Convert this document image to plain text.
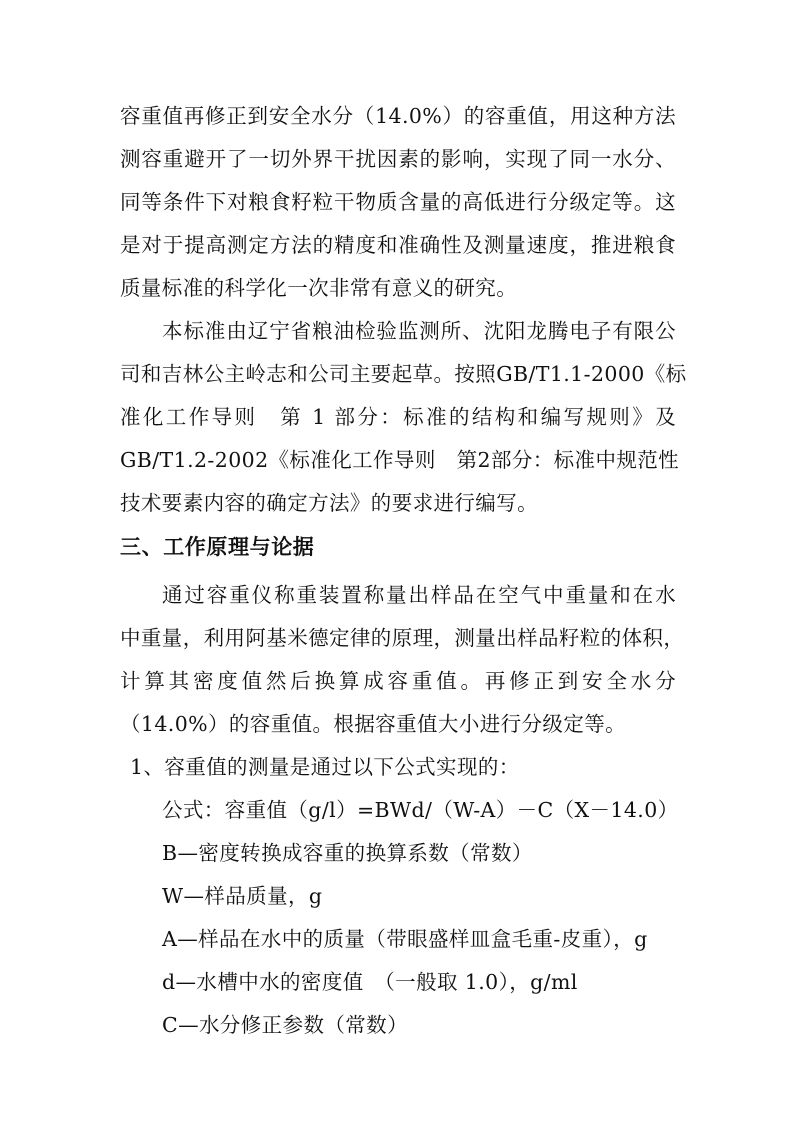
容重值再修正到安全水分（14.0%）的容重值，用这种方法
测容重避开了一切外界干扰因素的影响，实现了同一水分、
同等条件下对粮食籽粒干物质含量的高低进行分级定等。这
是对于提高测定方法的精度和准确性及测量速度，推进粮食
质量标准的科学化一次非常有意义的研究。
本标准由辽宁省粮油检验监测所、沈阳龙腾电子有限公
司和吉林公主岭志和公司主要起草。按照GB/T1.1-2000《标
准化工作导则　第 1 部分：标准的结构和编写规则》及
GB/T1.2-2002《标准化工作导则　第2部分：标准中规范性
技术要素内容的确定方法》的要求进行编写。
三、工作原理与论据
通过容重仪称重装置称量出样品在空气中重量和在水
中重量，利用阿基米德定律的原理，测量出样品籽粒的体积，
计算其密度值然后换算成容重值。再修正到安全水分
（14.0%）的容重值。根据容重值大小进行分级定等。
1、容重值的测量是通过以下公式实现的：
公式：容重值（g/l）=BWd/（W-A）－C（X－14.0）
B—密度转换成容重的换算系数（常数）
W—样品质量，g
A—样品在水中的质量（带眼盛样皿盒毛重-皮重），g
d—水槽中水的密度值　（一般取 1.0），g/ml
C—水分修正参数（常数）
